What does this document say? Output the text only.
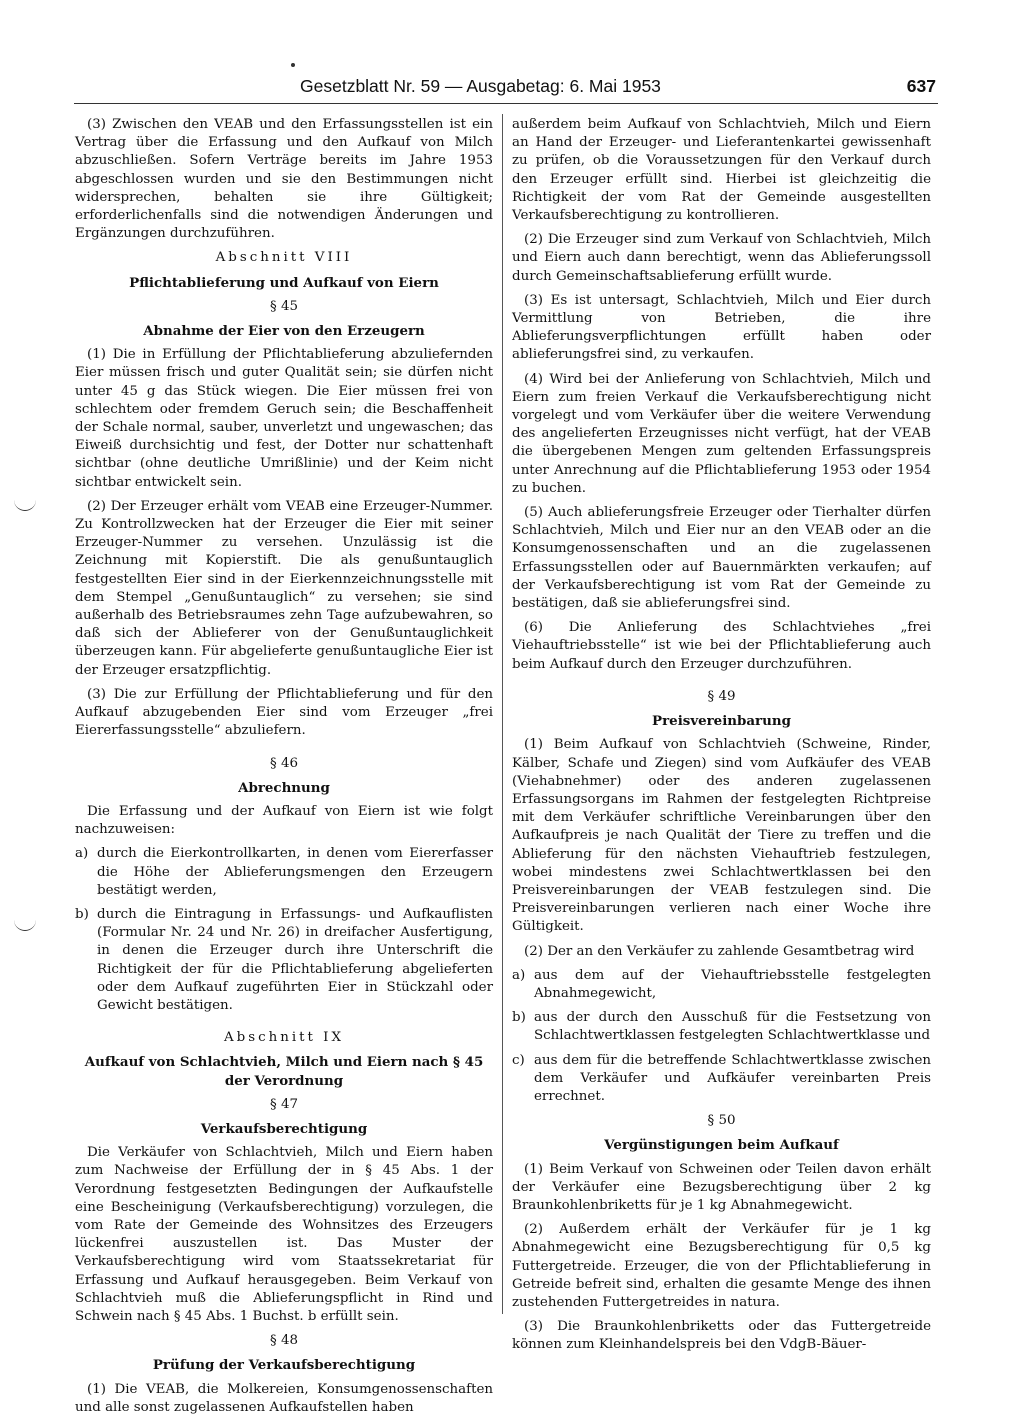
Gesetzblatt Nr. 59 — Ausgabetag: 6. Mai 1953	637

(3) Zwischen den VEAB und den Erfassungsstellen ist ein Vertrag über die Erfassung und den Aufkauf von Milch abzuschließen. Sofern Verträge bereits im Jahre 1953 abgeschlossen wurden und sie den Bestimmungen nicht widersprechen, behalten sie ihre Gültigkeit; erforderlichenfalls sind die notwendigen Änderungen und Ergänzungen durchzuführen.

Abschnitt VIII

Pflichtablieferung und Aufkauf von Eiern

§ 45

Abnahme der Eier von den Erzeugern

(1) Die in Erfüllung der Pflichtablieferung abzuliefernden Eier müssen frisch und guter Qualität sein; sie dürfen nicht unter 45 g das Stück wiegen. Die Eier müssen frei von schlechtem oder fremdem Geruch sein; die Beschaffenheit der Schale normal, sauber, unverletzt und ungewaschen; das Eiweiß durchsichtig und fest, der Dotter nur schattenhaft sichtbar (ohne deutliche Umrißlinie) und der Keim nicht sichtbar entwickelt sein.

(2) Der Erzeuger erhält vom VEAB eine Erzeuger-Nummer. Zu Kontrollzwecken hat der Erzeuger die Eier mit seiner Erzeuger-Nummer zu versehen. Unzulässig ist die Zeichnung mit Kopierstift. Die als genußuntauglich festgestellten Eier sind in der Eierkennzeichnungsstelle mit dem Stempel „Genußuntauglich“ zu versehen; sie sind außerhalb des Betriebsraumes zehn Tage aufzubewahren, so daß sich der Ablieferer von der Genußuntauglichkeit überzeugen kann. Für abgelieferte genußuntaugliche Eier ist der Erzeuger ersatzpflichtig.

(3) Die zur Erfüllung der Pflichtablieferung und für den Aufkauf abzugebenden Eier sind vom Erzeuger „frei Eiererfassungsstelle“ abzuliefern.

§ 46

Abrechnung

Die Erfassung und der Aufkauf von Eiern ist wie folgt nachzuweisen:

a) durch die Eierkontrollkarten, in denen vom Eiererfasser die Höhe der Ablieferungsmengen den Erzeugern bestätigt werden,
b) durch die Eintragung in Erfassungs- und Aufkauflisten (Formular Nr. 24 und Nr. 26) in dreifacher Ausfertigung, in denen die Erzeuger durch ihre Unterschrift die Richtigkeit der für die Pflichtablieferung abgelieferten oder dem Aufkauf zugeführten Eier in Stückzahl oder Gewicht bestätigen.

Abschnitt IX

Aufkauf von Schlachtvieh, Milch und Eiern nach § 45 der Verordnung

§ 47

Verkaufsberechtigung

Die Verkäufer von Schlachtvieh, Milch und Eiern haben zum Nachweise der Erfüllung der in § 45 Abs. 1 der Verordnung festgesetzten Bedingungen der Aufkaufstelle eine Bescheinigung (Verkaufsberechtigung) vorzulegen, die vom Rate der Gemeinde des Wohnsitzes des Erzeugers lückenfrei auszustellen ist. Das Muster der Verkaufsberechtigung wird vom Staatssekretariat für Erfassung und Aufkauf herausgegeben. Beim Verkauf von Schlachtvieh muß die Ablieferungspflicht in Rind und Schwein nach § 45 Abs. 1 Buchst. b erfüllt sein.

§ 48

Prüfung der Verkaufsberechtigung

(1) Die VEAB, die Molkereien, Konsumgenossenschaften und alle sonst zugelassenen Aufkaufstellen haben

außerdem beim Aufkauf von Schlachtvieh, Milch und Eiern an Hand der Erzeuger- und Lieferantenkartei gewissenhaft zu prüfen, ob die Voraussetzungen für den Verkauf durch den Erzeuger erfüllt sind. Hierbei ist gleichzeitig die Richtigkeit der vom Rat der Gemeinde ausgestellten Verkaufsberechtigung zu kontrollieren.

(2) Die Erzeuger sind zum Verkauf von Schlachtvieh, Milch und Eiern auch dann berechtigt, wenn das Ablieferungssoll durch Gemeinschaftsablieferung erfüllt wurde.

(3) Es ist untersagt, Schlachtvieh, Milch und Eier durch Vermittlung von Betrieben, die ihre Ablieferungsverpflichtungen erfüllt haben oder ablieferungsfrei sind, zu verkaufen.

(4) Wird bei der Anlieferung von Schlachtvieh, Milch und Eiern zum freien Verkauf die Verkaufsberechtigung nicht vorgelegt und vom Verkäufer über die weitere Verwendung des angelieferten Erzeugnisses nicht verfügt, hat der VEAB die übergebenen Mengen zum geltenden Erfassungspreis unter Anrechnung auf die Pflichtablieferung 1953 oder 1954 zu buchen.

(5) Auch ablieferungsfreie Erzeuger oder Tierhalter dürfen Schlachtvieh, Milch und Eier nur an den VEAB oder an die Konsumgenossenschaften und an die zugelassenen Erfassungsstellen oder auf Bauernmärkten verkaufen; auf der Verkaufsberechtigung ist vom Rat der Gemeinde zu bestätigen, daß sie ablieferungsfrei sind.

(6) Die Anlieferung des Schlachtviehes „frei Viehauftriebsstelle“ ist wie bei der Pflichtablieferung auch beim Aufkauf durch den Erzeuger durchzuführen.

§ 49

Preisvereinbarung

(1) Beim Aufkauf von Schlachtvieh (Schweine, Rinder, Kälber, Schafe und Ziegen) sind vom Aufkäufer des VEAB (Viehabnehmer) oder des anderen zugelassenen Erfassungsorgans im Rahmen der festgelegten Richtpreise mit dem Verkäufer schriftliche Vereinbarungen über den Aufkaufpreis je nach Qualität der Tiere zu treffen und die Ablieferung für den nächsten Viehauftrieb festzulegen, wobei mindestens zwei Schlachtwertklassen bei den Preisvereinbarungen der VEAB festzulegen sind. Die Preisvereinbarungen verlieren nach einer Woche ihre Gültigkeit.

(2) Der an den Verkäufer zu zahlende Gesamtbetrag wird

a) aus dem auf der Viehauftriebsstelle festgelegten Abnahmegewicht,
b) aus der durch den Ausschuß für die Festsetzung von Schlachtwertklassen festgelegten Schlachtwertklasse und
c) aus dem für die betreffende Schlachtwertklasse zwischen dem Verkäufer und Aufkäufer vereinbarten Preis errechnet.

§ 50

Vergünstigungen beim Aufkauf

(1) Beim Verkauf von Schweinen oder Teilen davon erhält der Verkäufer eine Bezugsberechtigung über 2 kg Braunkohlenbriketts für je 1 kg Abnahmegewicht.

(2) Außerdem erhält der Verkäufer für je 1 kg Abnahmegewicht eine Bezugsberechtigung für 0,5 kg Futtergetreide. Erzeuger, die von der Pflichtablieferung in Getreide befreit sind, erhalten die gesamte Menge des ihnen zustehenden Futtergetreides in natura.

(3) Die Braunkohlenbriketts oder das Futtergetreide können zum Kleinhandelspreis bei den VdgB-Bäuer-
